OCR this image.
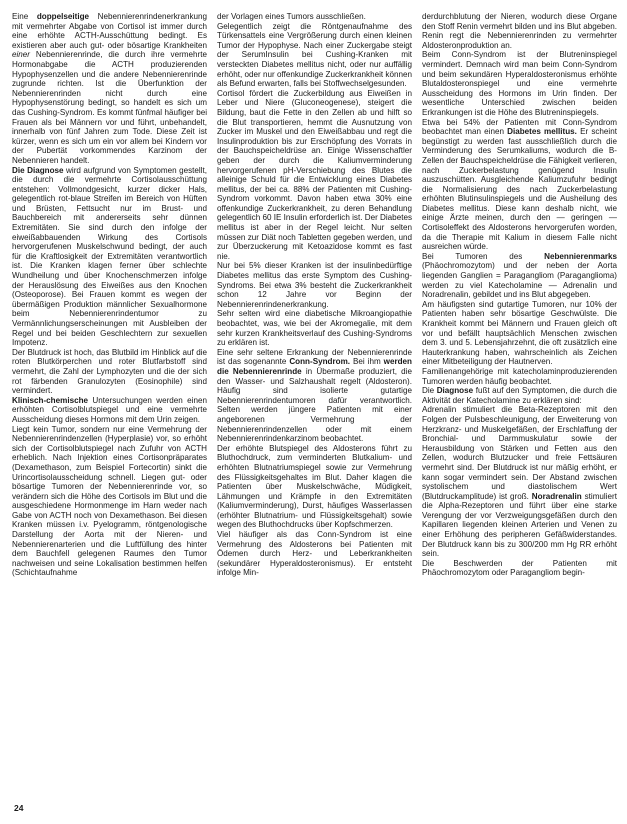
Eine doppelseitige Nebennierenrindenerkrankung mit vermehrter Abgabe von Cortisol ist immer durch eine erhöhte ACTH-Ausschüttung bedingt. Es existieren aber auch gut- oder bösartige Krankheiten einer Nebennierenrinde, die durch ihre vermehrte Hormonabgabe die ACTH produzierenden Hypophysenzellen und die andere Nebennierenrinde zugrunde richten. Ist die Überfunktion der Nebennierenrinden nicht durch eine Hypophysenstörung bedingt, so handelt es sich um das Cushing-Syndrom. Es kommt fünfmal häufiger bei Frauen als bei Männern vor und führt, unbehandelt, innerhalb von fünf Jahren zum Tode. Diese Zeit ist kürzer, wenn es sich um ein vor allem bei Kindern vor der Pubertät vorkommendes Karzinom der Nebennieren handelt.

Die Diagnose wird aufgrund von Symptomen gestellt, die durch die vermehrte Cortisolausschüttung entstehen: Vollmondgesicht, kurzer dicker Hals, gelegentlich rot-blaue Streifen im Bereich von Hüften und Brüsten, Fettsucht nur im Brust- und Bauchbereich mit andererseits sehr dünnen Extremitäten. Sie sind durch den infolge der eiweißabbauenden Wirkung des Cortisols hervorgerufenen Muskelschwund bedingt, der auch für die Kraftlosigkeit der Extremitäten verantwortlich ist. Die Kranken klagen ferner über schlechte Wundheilung und über Knochenschmerzen infolge der Herauslösung des Eiweißes aus den Knochen (Osteoporose). Bei Frauen kommt es wegen der übermäßigen Produktion männlicher Sexualhormone beim Nebennierenrindentumor zu Vermännlichungserscheinungen mit Ausbleiben der Regel und bei beiden Geschlechtern zur sexuellen Impotenz.

Der Blutdruck ist hoch, das Blutbild im Hinblick auf die roten Blutkörperchen und roter Blutfarbstoff sind vermehrt, die Zahl der Lymphozyten und die der sich rot färbenden Granulozyten (Eosinophile) sind vermindert.

Klinisch-chemische Untersuchungen werden einen erhöhten Cortisolblutspiegel und eine vermehrte Ausscheidung dieses Hormons mit dem Urin zeigen.

Liegt kein Tumor, sondern nur eine Vermehrung der Nebennierenrindenzellen (Hyperplasie) vor, so erhöht sich der Cortisolblutspiegel nach Zufuhr von ACTH erheblich. Nach Injektion eines Cortisonpräparates (Dexamethason, zum Beispiel Fortecortin) sinkt die Urincortisolausscheidung schnell. Liegen gut- oder bösartige Tumoren der Nebennierenrinde vor, so verändern sich die Höhe des Cortisols im Blut und die ausgeschiedene Hormonmenge im Harn weder nach Gabe von ACTH noch von Dexamethason. Bei diesen Kranken müssen i.v. Pyelogramm, röntgenologische Darstellung der Aorta mit der Nieren- und Nebennierenarterien und die Luftfüllung des hinter dem Bauchfell gelegenen Raumes den Tumor nachweisen und seine Lokalisation bestimmen helfen (Schichtaufnahme

der Vorlagen eines Tumors ausschließen.

Gelegentlich zeigt die Röntgenaufnahme des Türkensattels eine Vergrößerung durch einen kleinen Tumor der Hypophyse. Nach einer Zuckergabe steigt der SerumInsulin bei Cushing-Kranken mit versteckten Diabetes mellitus nicht, oder nur auffällig erhöht, oder nur offenkundige Zuckerkrankheit können als Befund erwarten, falls bei Stoffwechselgesunden.

Cortisol fördert die Zuckerbildung aus Eiweißen in Leber und Niere (Gluconeogenese), steigert die Bildung, baut die Fette in den Zellen ab und hilft so die Blut transportieren, hemmt die Ausnutzung von Zucker im Muskel und den Eiweißabbau und regt die Insulinproduktion bis zur Erschöpfung des Vorrats in der Bauchspeicheldrüse an. Einige Wissenschaftler geben der durch die Kaliumverminderung hervorgerufenen pH-Verschiebung des Blutes die alleinige Schuld für die Entwicklung eines Diabetes mellitus, der bei ca. 88% der Patienten mit Cushing-Syndrom vorkommt. Davon haben etwa 30% eine offenkundige Zuckerkrankheit, zu deren Behandlung gelegentlich 60 IE Insulin erforderlich ist. Der Diabetes mellitus ist aber in der Regel leicht. Nur selten müssen zur Diät noch Tabletten gegeben werden, und zur Überzuckerung mit Ketoazidose kommt es fast nie.

Nur bei 5% dieser Kranken ist der insulinbedürftige Diabetes mellitus das erste Symptom des Cushing-Syndroms. Bei etwa 3% besteht die Zuckerkrankheit schon 12 Jahre vor Beginn der Nebennierenrindenerkrankung.

Sehr selten wird eine diabetische Mikroangiopathie beobachtet, was, wie bei der Akromegalie, mit dem sehr kurzen Krankheitsverlauf des Cushing-Syndroms zu erklären ist.

Eine sehr seltene Erkrankung der Nebennierenrinde ist das sogenannte Conn-Syndrom. Bei ihm werden die Nebennierenrinde in Übermaße produziert, die den Wasser- und Salzhaushalt regelt (Aldosteron). Häufig sind isolierte gutartige Nebennierenrindentumoren dafür verantwortlich. Selten werden jüngere Patienten mit einer angeborenen Vermehrung der Nebennierenrindenzellen oder mit einem Nebennierenrindenkarzinom beobachtet.

Der erhöhte Blutspiegel des Aldosterons führt zu Bluthochdruck, zum verminderten Blutkalium- und erhöhten Blutnatriumspiegel sowie zur Vermehrung des Flüssigkeitsgehaltes im Blut. Daher klagen die Patienten über Muskelschwäche, Müdigkeit, Lähmungen und Krämpfe in den Extremitäten (Kaliumverminderung), Durst, häufiges Wasserlassen (erhöhter Blutnatrium- und Flüssigkeitsgehalt) sowie wegen des Bluthochdrucks über Kopfschmerzen.

Viel häufiger als das Conn-Syndrom ist eine Vermehrung des Aldosterons bei Patienten mit Ödemen durch Herz- und Leberkrankheiten (sekundärer Hyperaldosteronismus). Er entsteht infolge Min-

derdurchblutung der Nieren, wodurch diese Organe den Stoff Renin vermehrt bilden und ins Blut abgeben. Renin regt die Nebennierenrinden zu vermehrter Aldosteronproduktion an.

Beim Conn-Syndrom ist der Blutreninspiegel vermindert. Demnach wird man beim Conn-Syndrom und beim sekundären Hyperaldosteronismus erhöhte Blutaldosteronspiegel und eine vermehrte Ausscheidung des Hormons im Urin finden. Der wesentliche Unterschied zwischen beiden Erkrankungen ist die Höhe des Blutreninspiegels.

Etwa bei 54% der Patienten mit Conn-Syndrom beobachtet man einen Diabetes mellitus. Er scheint begünstigt zu werden fast ausschließlich durch die Verminderung des Serumkaliums, wodurch die B-Zellen der Bauchspeicheldrüse die Fähigkeit verlieren, nach Zuckerbelastung genügend Insulin auszuschütten. Ausgleichende Kaliumzufuhr bedingt die Normalisierung des nach Zuckerbelastung erhöhten Blutinsulinspiegels und die Ausheilung des Diabetes mellitus. Diese kann deshalb nicht, wie einige Ärzte meinen, durch den — geringen — Cortisoleffekt des Aldosterons hervorgerufen worden, da die Therapie mit Kalium in diesem Falle nicht ausreichen würde.

Bei Tumoren des Nebennierenmarks (Phäochromozytom) und der neben der Aorta liegenden Ganglien = Paragangliom (Paraganglioma) werden zu viel Katecholamine — Adrenalin und Noradrenalin, gebildet und ins Blut abgegeben.

Am häufigsten sind gutartige Tumoren, nur 10% der Patienten haben sehr bösartige Geschwülste. Die Krankheit kommt bei Männern und Frauen gleich oft vor und befällt hauptsächlich Menschen zwischen dem 3. und 5. Lebensjahrzehnt, die oft zusätzlich eine Hauterkrankung haben, wahrscheinlich als Zeichen einer Mitbeteiligung der Hautnerven.

Familienangehörige mit katecholaminproduzierenden Tumoren werden häufig beobachtet.

Die Diagnose fußt auf den Symptomen, die durch die Aktivität der Katecholamine zu erklären sind:

Adrenalin stimuliert die Beta-Rezeptoren mit den Folgen der Pulsbeschleunigung, der Erweiterung von Herzkranz- und Muskelgefäßen, der Erschlaffung der Bronchial- und Darmmuskulatur sowie der Herausbildung von Stärken und Fetten aus den Zellen, wodurch Blutzucker und freie Fettsäuren vermehrt sind. Der Blutdruck ist nur mäßig erhöht, er kann sogar vermindert sein. Der Abstand zwischen systolischem und diastolischem Wert (Blutdruckamplitude) ist groß. Noradrenalin stimuliert die Alpha-Rezeptoren und führt über eine starke Verengung der vor Verzweigungsgefäßen durch den Kapillaren liegenden kleinen Arterien und Venen zu einer Erhöhung des peripheren Gefäßwiderstandes. Der Blutdruck kann bis zu 300/200 mm Hg RR erhöht sein.

Die Beschwerden der Patienten mit Phäochromozytom oder Paragangliom begin-

24
